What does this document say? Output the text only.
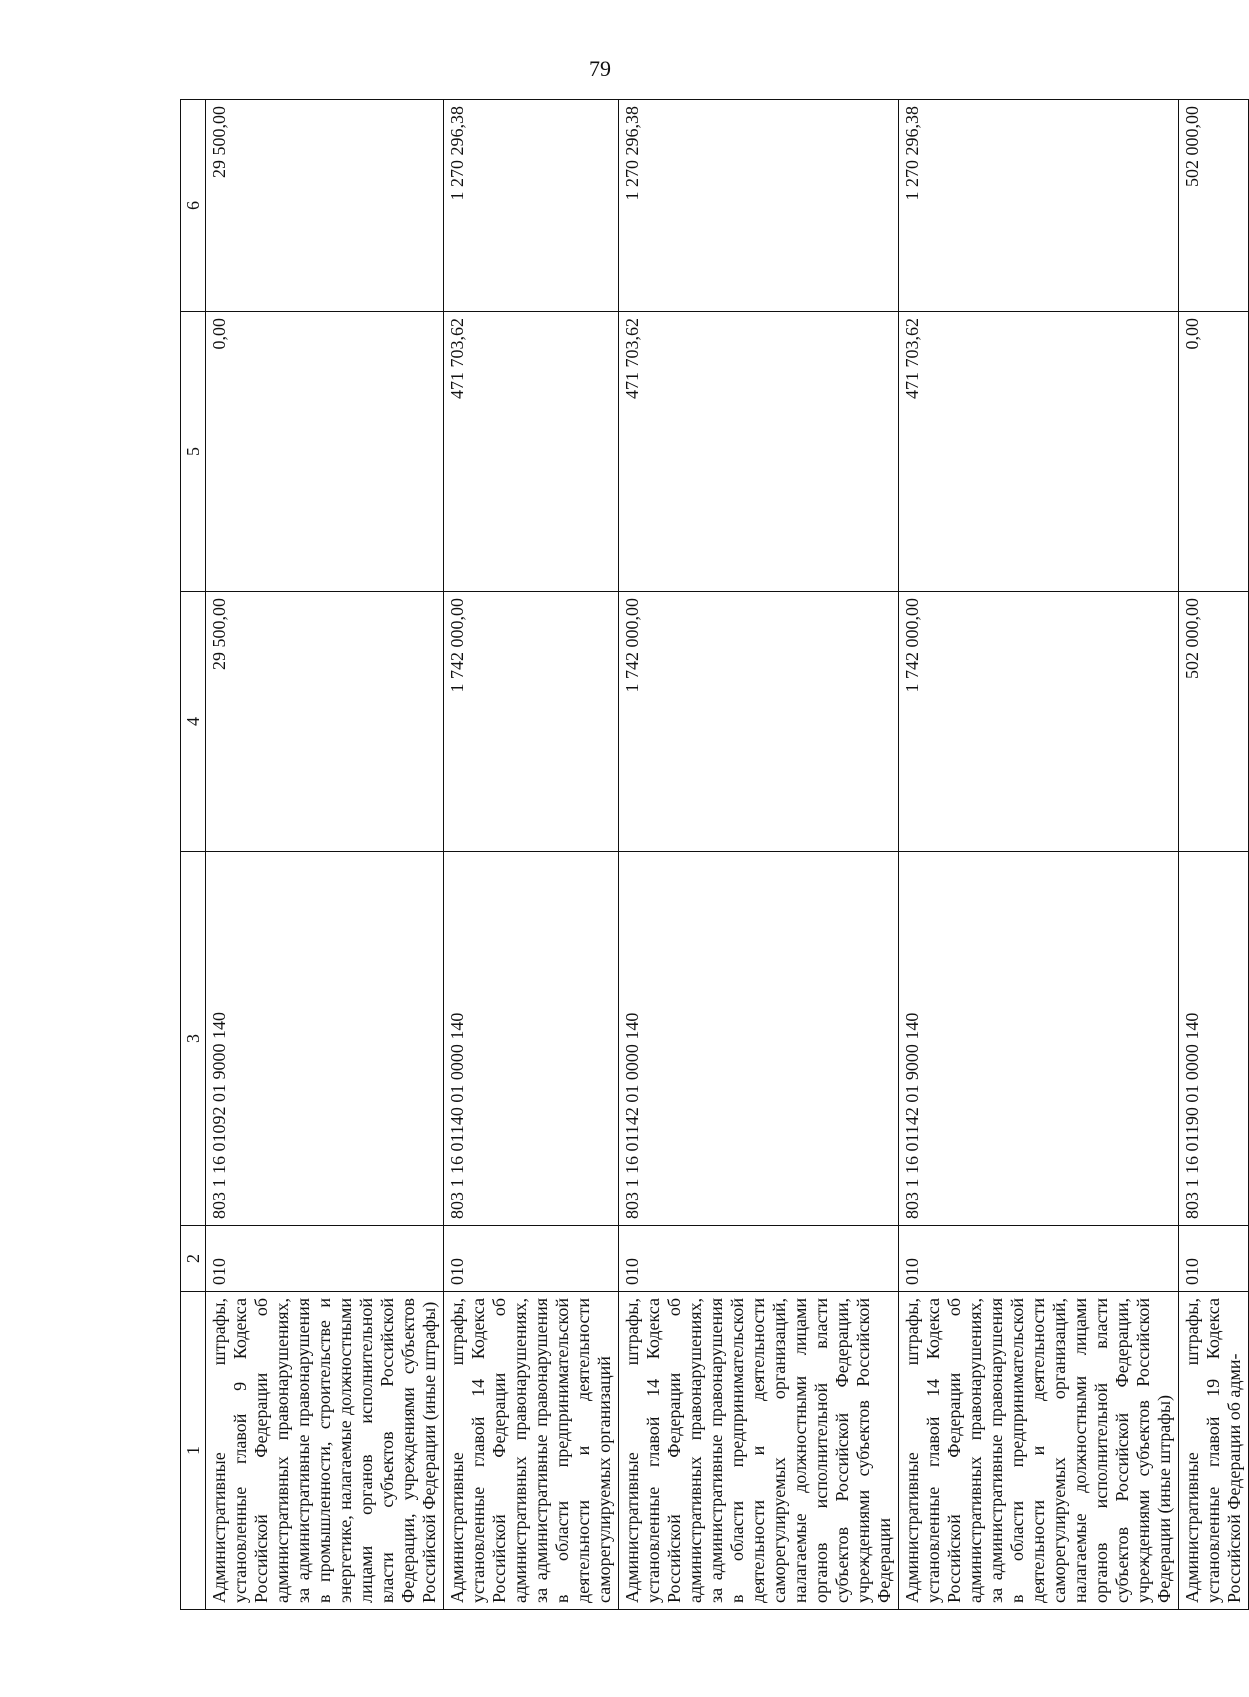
79
1	2	3	4	5	6
Административные штрафы, установленные главой 9 Кодекса Российской Федерации об административных правонарушениях, за административные правонарушения в промышленности, строительстве и энергетике, налагаемые должностными лицами органов исполнительной власти субъектов Российской Федерации, учреждениями субъектов Российской Федерации (иные штрафы)	010	803 1 16 01092 01 9000 140	29 500,00	0,00	29 500,00
Административные штрафы, установленные главой 14 Кодекса Российской Федерации об административных правонарушениях, за административные правонарушения в области предпринимательской деятельности и деятельности саморегулируемых организаций	010	803 1 16 01140 01 0000 140	1 742 000,00	471 703,62	1 270 296,38
Административные штрафы, установленные главой 14 Кодекса Российской Федерации об административных правонарушениях, за административные правонарушения в области предпринимательской деятельности и деятельности саморегулируемых организаций, налагаемые должностными лицами органов исполнительной власти субъектов Российской Федерации, учреждениями субъектов Российской Федерации	010	803 1 16 01142 01 0000 140	1 742 000,00	471 703,62	1 270 296,38
Административные штрафы, установленные главой 14 Кодекса Российской Федерации об административных правонарушениях, за административные правонарушения в области предпринимательской деятельности и деятельности саморегулируемых организаций, налагаемые должностными лицами органов исполнительной власти субъектов Российской Федерации, учреждениями субъектов Российской Федерации (иные штрафы)	010	803 1 16 01142 01 9000 140	1 742 000,00	471 703,62	1 270 296,38
Административные штрафы, установленные главой 19 Кодекса Российской Федерации об адми-	010	803 1 16 01190 01 0000 140	502 000,00	0,00	502 000,00
